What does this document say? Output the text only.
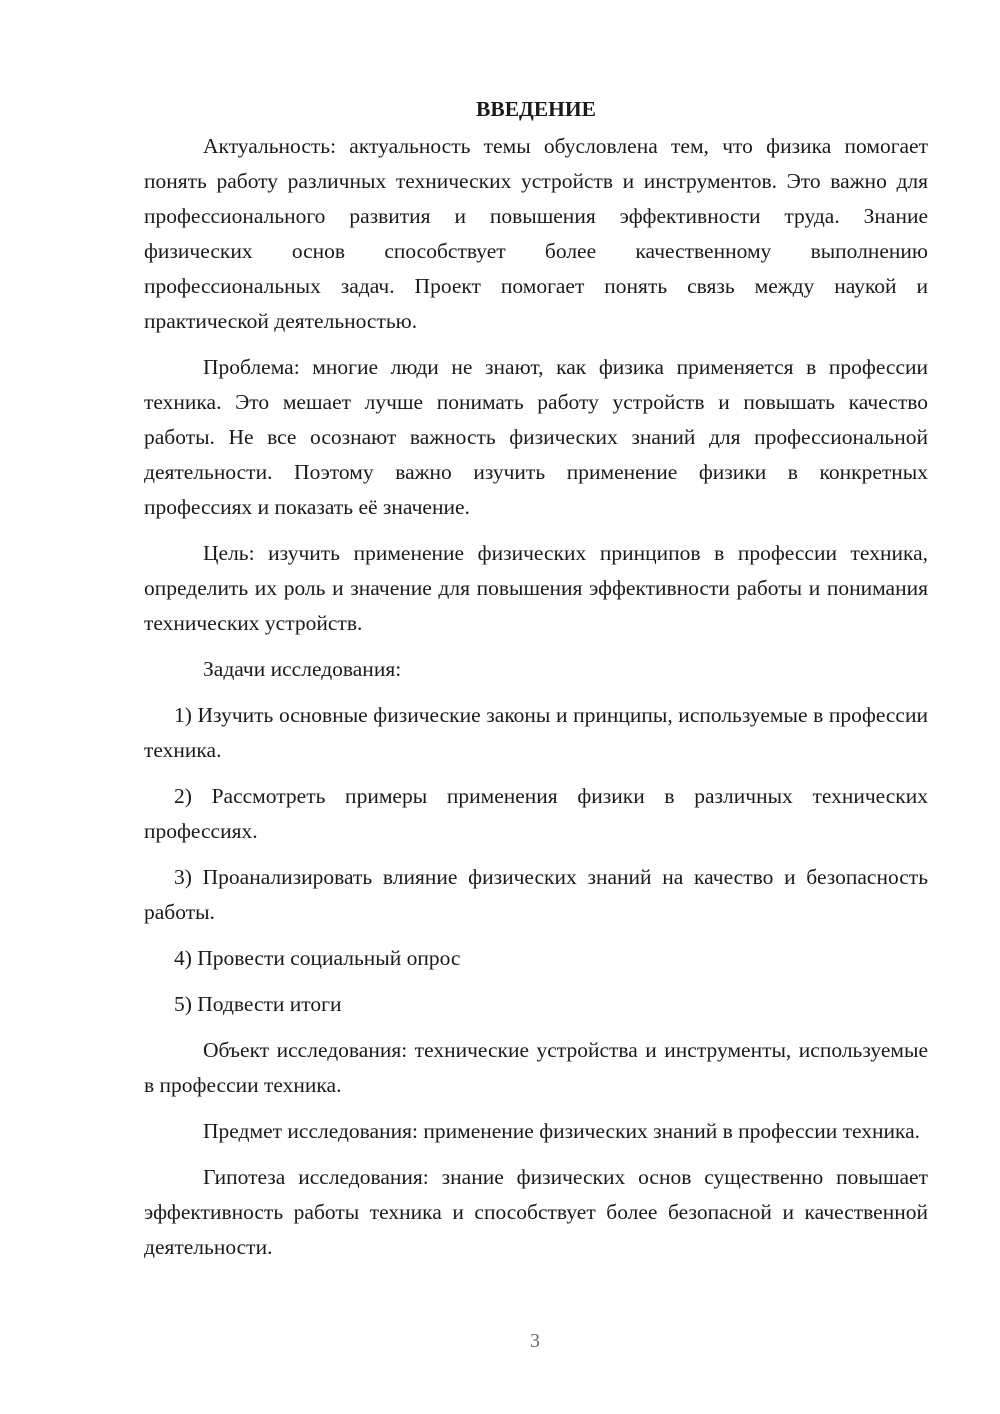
ВВЕДЕНИЕ

Актуальность: актуальность темы обусловлена тем, что физика помогает понять работу различных технических устройств и инструментов. Это важно для профессионального развития и повышения эффективности труда. Знание физических основ способствует более качественному выполнению профессиональных задач. Проект помогает понять связь между наукой и практической деятельностью.

Проблема: многие люди не знают, как физика применяется в профессии техника. Это мешает лучше понимать работу устройств и повышать качество работы. Не все осознают важность физических знаний для профессиональной деятельности. Поэтому важно изучить применение физики в конкретных профессиях и показать её значение.

Цель: изучить применение физических принципов в профессии техника, определить их роль и значение для повышения эффективности работы и понимания технических устройств.

Задачи исследования:

1) Изучить основные физические законы и принципы, используемые в профессии техника.

2) Рассмотреть примеры применения физики в различных технических профессиях.

3) Проанализировать влияние физических знаний на качество и безопасность работы.

4) Провести социальный опрос

5) Подвести итоги

Объект исследования: технические устройства и инструменты, используемые в профессии техника.

Предмет исследования: применение физических знаний в профессии техника.

Гипотеза исследования: знание физических основ существенно повышает эффективность работы техника и способствует более безопасной и качественной деятельности.

3
